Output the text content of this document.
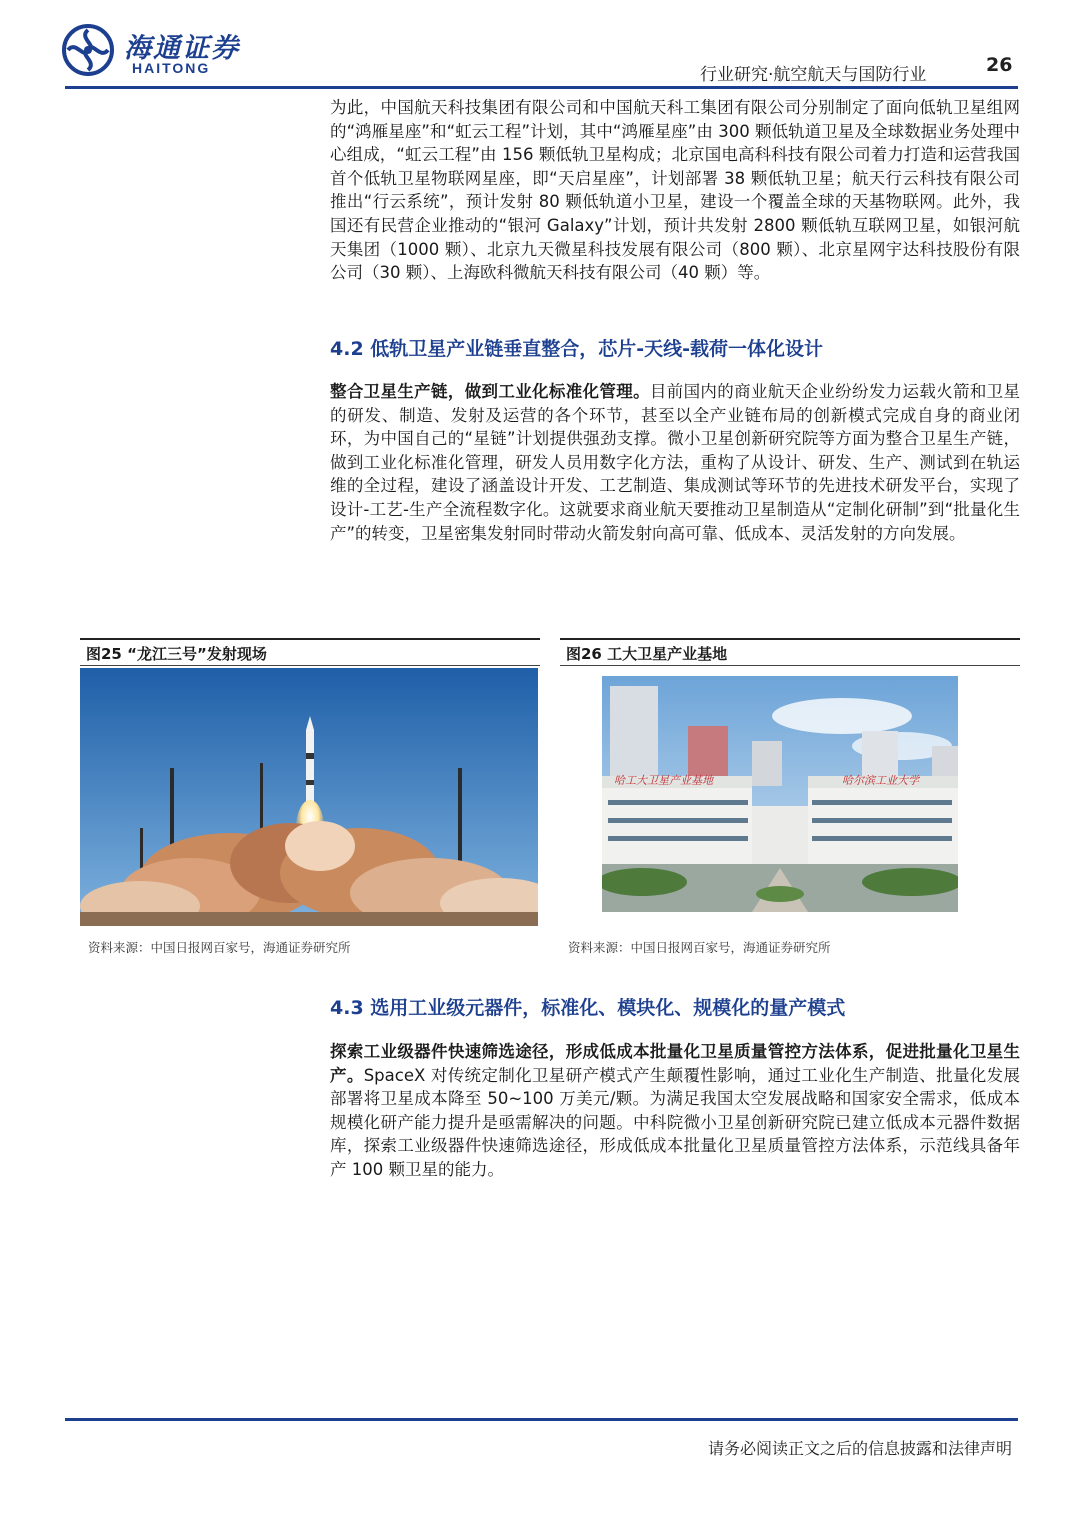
海通证券
HAITONG	行业研究·航空航天与国防行业	26

为此，中国航天科技集团有限公司和中国航天科工集团有限公司分别制定了面向低轨卫星组网的“鸿雁星座”和“虹云工程”计划，其中“鸿雁星座”由 300 颗低轨道卫星及全球数据业务处理中心组成，“虹云工程”由 156 颗低轨卫星构成；北京国电高科科技有限公司着力打造和运营我国首个低轨卫星物联网星座，即“天启星座”，计划部署 38 颗低轨卫星；航天行云科技有限公司推出“行云系统”，预计发射 80 颗低轨道小卫星，建设一个覆盖全球的天基物联网。此外，我国还有民营企业推动的“银河 Galaxy”计划，预计共发射 2800 颗低轨互联网卫星，如银河航天集团（1000 颗）、北京九天微星科技发展有限公司（800 颗）、北京星网宇达科技股份有限公司（30 颗）、上海欧科微航天科技有限公司（40 颗）等。

4.2 低轨卫星产业链垂直整合，芯片-天线-载荷一体化设计

整合卫星生产链，做到工业化标准化管理。目前国内的商业航天企业纷纷发力运载火箭和卫星的研发、制造、发射及运营的各个环节，甚至以全产业链布局的创新模式完成自身的商业闭环，为中国自己的“星链”计划提供强劲支撑。微小卫星创新研究院等方面为整合卫星生产链，做到工业化标准化管理，研发人员用数字化方法，重构了从设计、研发、生产、测试到在轨运维的全过程，建设了涵盖设计开发、工艺制造、集成测试等环节的先进技术研发平台，实现了设计-工艺-生产全流程数字化。这就要求商业航天要推动卫星制造从“定制化研制”到“批量化生产”的转变，卫星密集发射同时带动火箭发射向高可靠、低成本、灵活发射的方向发展。

图25 “龙江三号”发射现场
资料来源：中国日报网百家号，海通证券研究所
图26 工大卫星产业基地
哈工大卫星产业基地	哈尔滨工业大学
资料来源：中国日报网百家号，海通证券研究所
4.3 选用工业级元器件，标准化、模块化、规模化的量产模式

探索工业级器件快速筛选途径，形成低成本批量化卫星质量管控方法体系，促进批量化卫星生产。SpaceX 对传统定制化卫星研产模式产生颠覆性影响，通过工业化生产制造、批量化发展部署将卫星成本降至 50~100 万美元/颗。为满足我国太空发展战略和国家安全需求，低成本规模化研产能力提升是亟需解决的问题。中科院微小卫星创新研究院已建立低成本元器件数据库，探索工业级器件快速筛选途径，形成低成本批量化卫星质量管控方法体系，示范线具备年产 100 颗卫星的能力。

请务必阅读正文之后的信息披露和法律声明
